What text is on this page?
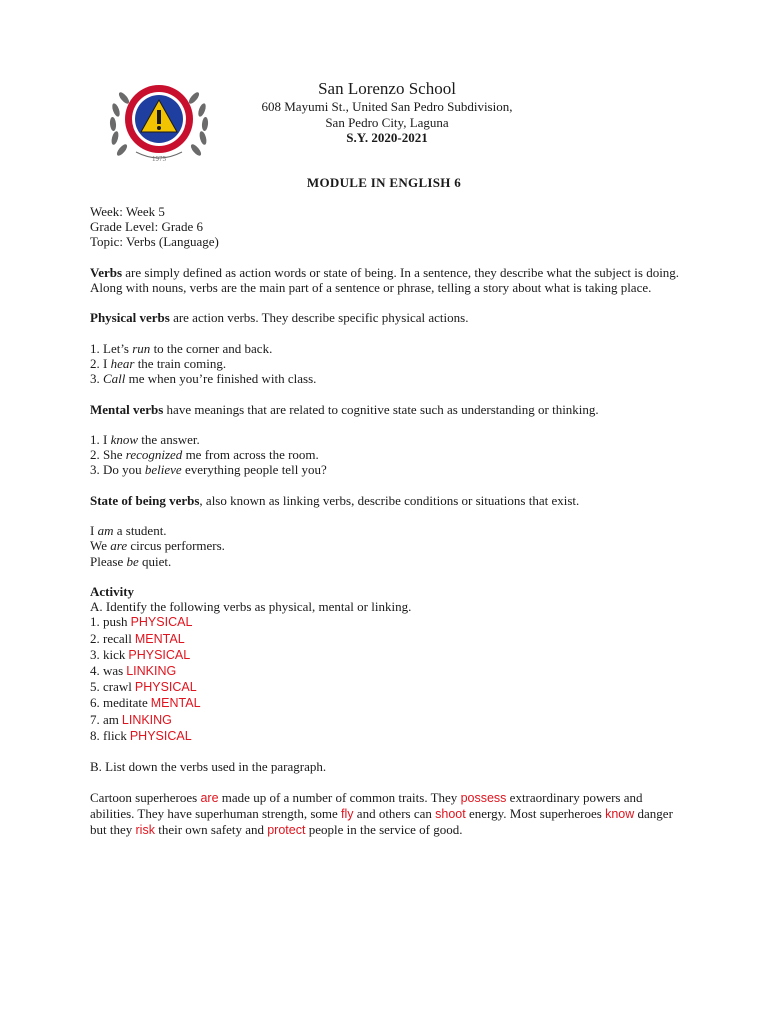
1975
San Lorenzo School
608 Mayumi St., United San Pedro Subdivision,
San Pedro City, Laguna
S.Y. 2020-2021
MODULE IN ENGLISH 6

Week: Week 5

Grade Level: Grade 6

Topic: Verbs (Language)

Verbs are simply defined as action words or state of being. In a sentence, they describe what the subject is doing. Along with nouns, verbs are the main part of a sentence or phrase, telling a story about what is taking place.

Physical verbs are action verbs. They describe specific physical actions.

1. Let’s run to the corner and back.

2. I hear the train coming.

3. Call me when you’re finished with class.

Mental verbs have meanings that are related to cognitive state such as understanding or thinking.

1. I know the answer.

2. She recognized me from across the room.

3. Do you believe everything people tell you?

State of being verbs, also known as linking verbs, describe conditions or situations that exist.

I am a student.

We are circus performers.

Please be quiet.

Activity

A. Identify the following verbs as physical, mental or linking.

1. push PHYSICAL

2. recall MENTAL

3. kick PHYSICAL

4. was LINKING

5. crawl PHYSICAL

6. meditate MENTAL

7. am LINKING

8. flick PHYSICAL

B. List down the verbs used in the paragraph.

Cartoon superheroes are made up of a number of common traits. They possess extraordinary powers and abilities. They have superhuman strength, some fly and others can shoot energy. Most superheroes know danger but they risk their own safety and protect people in the service of good.
